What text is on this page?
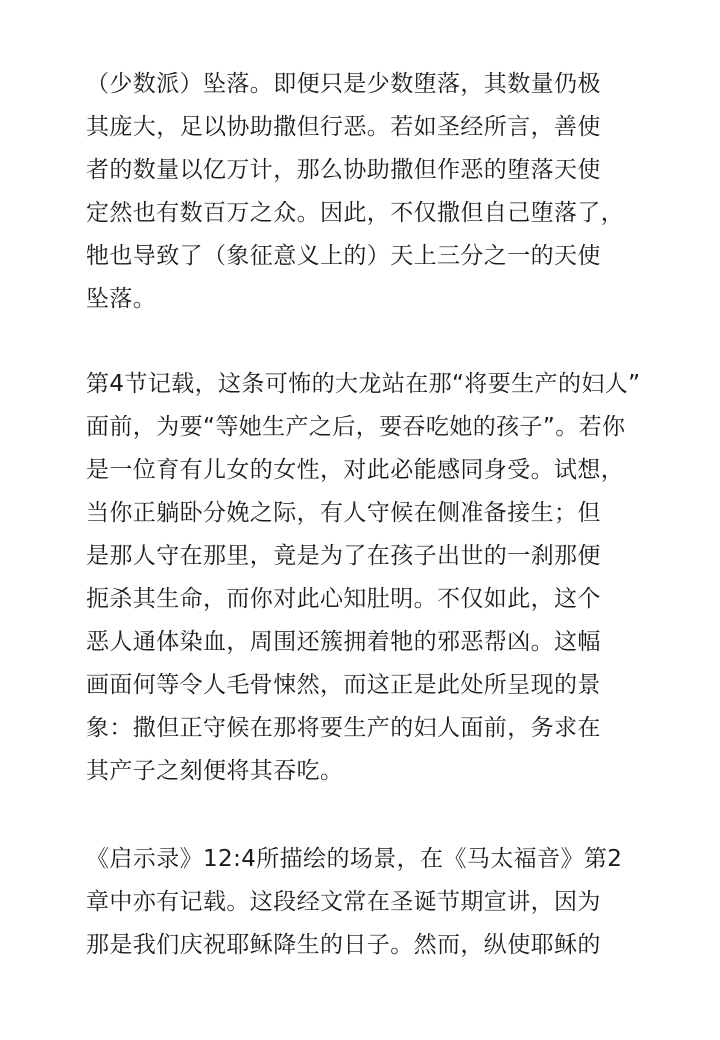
（少数派）坠落。即便只是少数堕落，其数量仍极
其庞大，足以协助撒但行恶。若如圣经所言，善使
者的数量以亿万计，那么协助撒但作恶的堕落天使
定然也有数百万之众。因此，不仅撒但自己堕落了，
牠也导致了（象征意义上的）天上三分之一的天使
坠落。
第4节记载，这条可怖的大龙站在那“将要生产的妇人”
面前，为要“等她生产之后，要吞吃她的孩子”。若你
是一位育有儿女的女性，对此必能感同身受。试想，
当你正躺卧分娩之际，有人守候在侧准备接生；但
是那人守在那里，竟是为了在孩子出世的一刹那便
扼杀其生命，而你对此心知肚明。不仅如此，这个
恶人通体染血，周围还簇拥着牠的邪恶帮凶。这幅
画面何等令人毛骨悚然，而这正是此处所呈现的景
象：撒但正守候在那将要生产的妇人面前，务求在
其产子之刻便将其吞吃。
《启示录》12:4所描绘的场景，在《马太福音》第2
章中亦有记载。这段经文常在圣诞节期宣讲，因为
那是我们庆祝耶稣降生的日子。然而，纵使耶稣的
